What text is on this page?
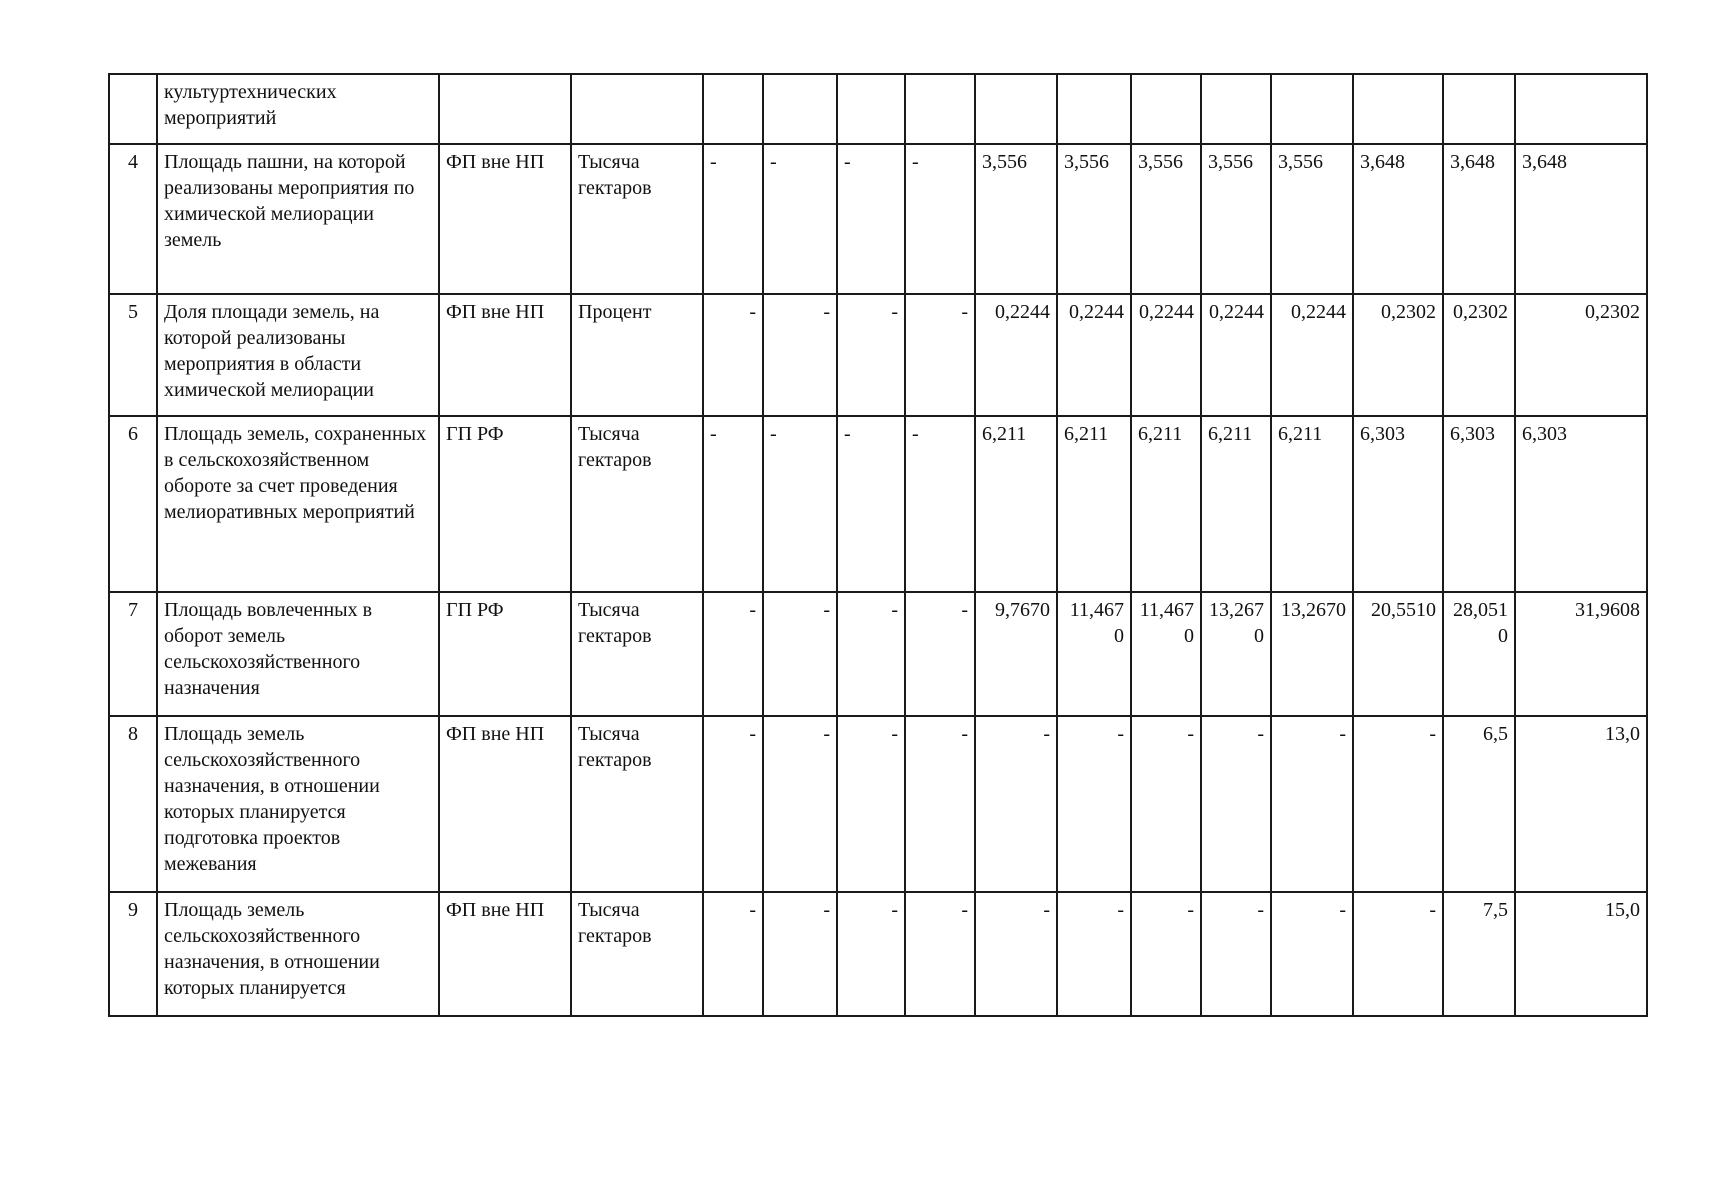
	культуртехнических мероприятий														
4	Площадь пашни, на которой реализованы мероприятия по химической мелиорации земель	ФП вне НП	Тысяча гектаров	-	-	-	-	3,556	3,556	3,556	3,556	3,556	3,648	3,648	3,648
5	Доля площади земель, на которой реализованы мероприятия в области химической мелиорации	ФП вне НП	Процент	-	-	-	-	0,2244	0,2244	0,2244	0,2244	0,2244	0,2302	0,2302	0,2302
6	Площадь земель, сохраненных в сельскохозяйственном обороте за счет проведения мелиоративных мероприятий	ГП РФ	Тысяча гектаров	-	-	-	-	6,211	6,211	6,211	6,211	6,211	6,303	6,303	6,303
7	Площадь вовлеченных в оборот земель сельскохозяйственного назначения	ГП РФ	Тысяча гектаров	-	-	-	-	9,7670	11,4670	11,4670	13,2670	13,2670	20,5510	28,0510	31,9608
8	Площадь земель сельскохозяйственного назначения, в отношении которых планируется подготовка проектов межевания	ФП вне НП	Тысяча гектаров	-	-	-	-	-	-	-	-	-	-	6,5	13,0
9	Площадь земель сельскохозяйственного назначения, в отношении которых планируется	ФП вне НП	Тысяча гектаров	-	-	-	-	-	-	-	-	-	-	7,5	15,0
